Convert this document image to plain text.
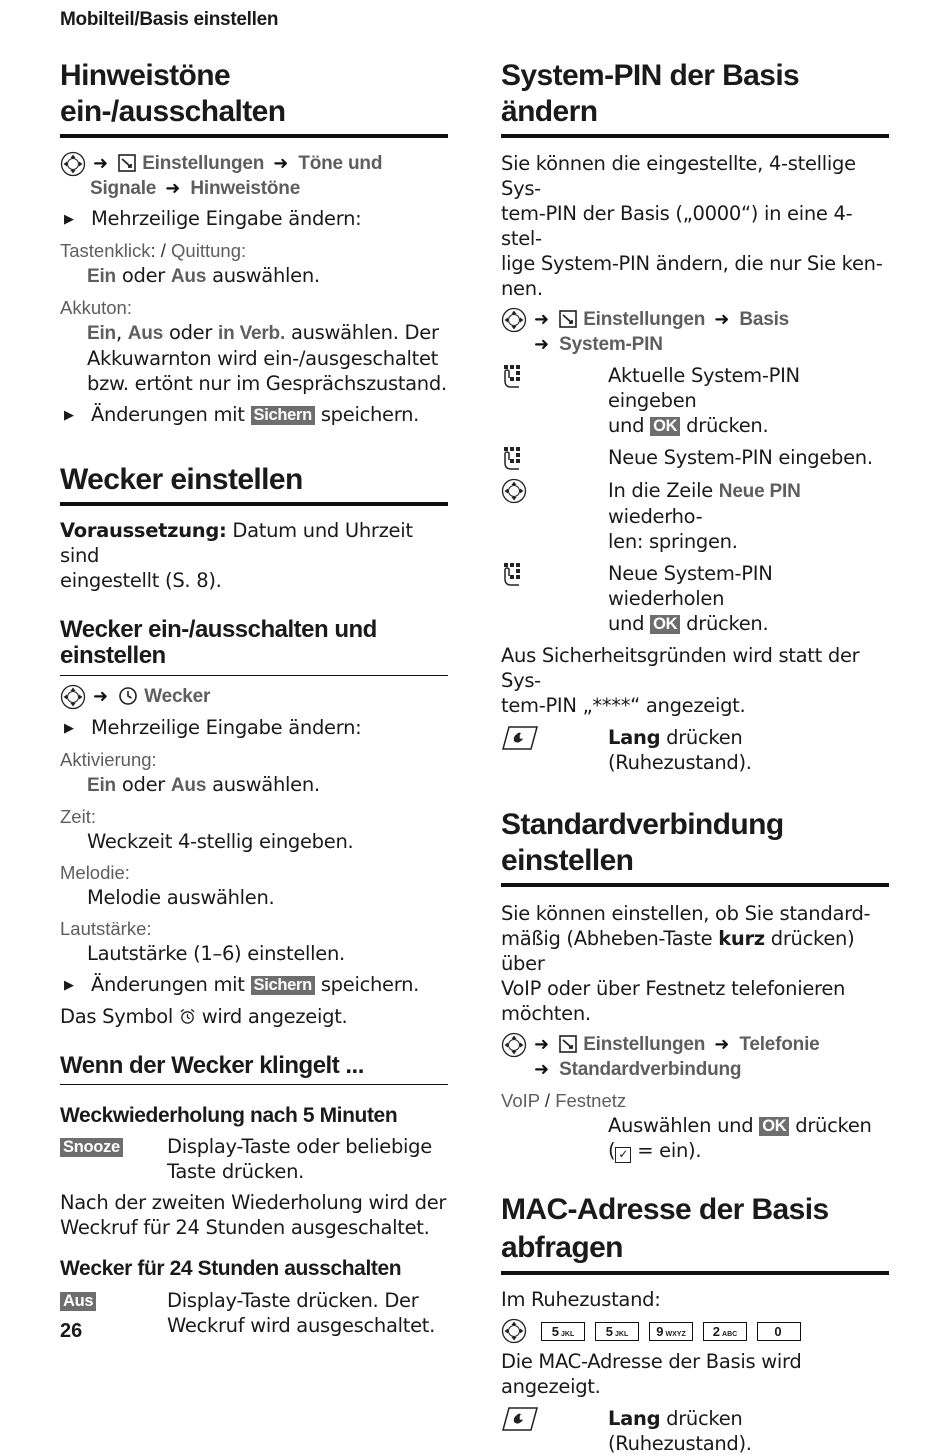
Mobilteil/Basis einstellen
Hinweistöne ein-/ausschalten
➜ Einstellungen ➜ Töne und Signale ➜ Hinweistöne
▶ Mehrzeilige Eingabe ändern:
Tastenklick: / Quittung:

Ein oder Aus auswählen.

Akkuton:

Ein, Aus oder in Verb. auswählen. Der
Akkuwarnton wird ein-/ausgeschaltet
bzw. ertönt nur im Gesprächszustand.

▶ Änderungen mit Sichern speichern.
Wecker einstellen

Voraussetzung: Datum und Uhrzeit sind
eingestellt (S. 8).

Wecker ein-/ausschalten und
einstellen
➜ Wecker
▶ Mehrzeilige Eingabe ändern:
Aktivierung:

Ein oder Aus auswählen.

Zeit:

Weckzeit 4-stellig eingeben.

Melodie:

Melodie auswählen.

Lautstärke:

Lautstärke (1–6) einstellen.

▶ Änderungen mit Sichern speichern.

Das Symbol  wird angezeigt.

Wenn der Wecker klingelt ...
Weckwiederholung nach 5 Minuten
Snooze	Display-Taste oder beliebige
Taste drücken.

Nach der zweiten Wiederholung wird der
Weckruf für 24 Stunden ausgeschaltet.

Wecker für 24 Stunden ausschalten
Aus	Display-Taste drücken. Der
Weckruf wird ausgeschaltet.
System-PIN der Basis ändern

Sie können die eingestellte, 4-stellige Sys-
tem-PIN der Basis („0000“) in eine 4-stel-
lige System-PIN ändern, die nur Sie ken-
nen.

➜ Einstellungen ➜ Basis
➜ System-PIN
Aktuelle System-PIN eingeben
und OK drücken.
Neue System-PIN eingeben.
In die Zeile Neue PIN wiederho-
len: springen.
Neue System-PIN wiederholen
und OK drücken.

Aus Sicherheitsgründen wird statt der Sys-
tem-PIN „****“ angezeigt.

Lang drücken (Ruhezustand).
Standardverbindung einstellen

Sie können einstellen, ob Sie standard-
mäßig (Abheben-Taste kurz drücken) über
VoIP oder über Festnetz telefonieren
möchten.

➜ Einstellungen ➜ Telefonie
➜ Standardverbindung
VoIP / Festnetz

Auswählen und OK drücken
( ✓ = ein).

MAC-Adresse der Basis
abfragen

Im Ruhezustand:

5 JKL	5 JKL	9 WXYZ	2 ABC	0

Die MAC-Adresse der Basis wird angezeigt.

Lang drücken (Ruhezustand).
26
